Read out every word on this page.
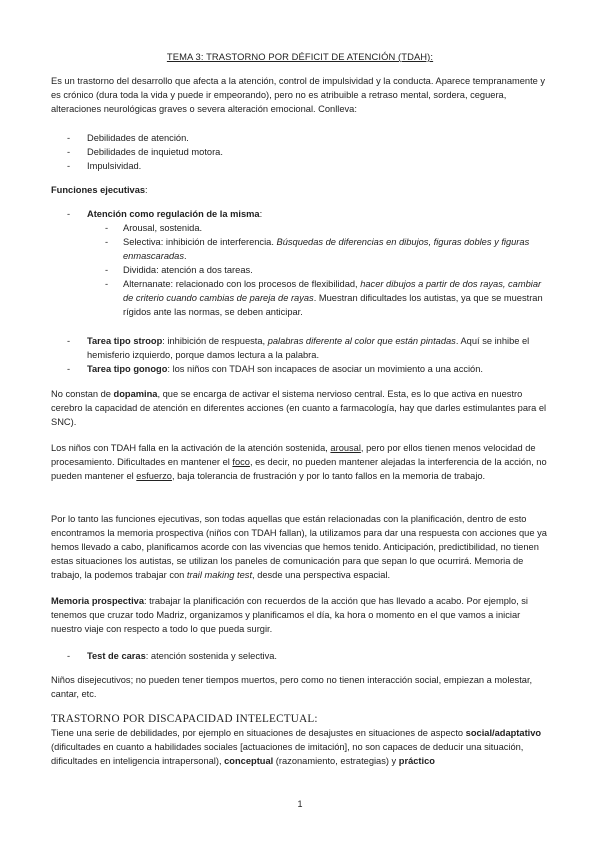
TEMA 3: TRASTORNO POR DÉFICIT DE ATENCIÓN (TDAH):

Es un trastorno del desarrollo que afecta a la atención, control de impulsividad y la conducta. Aparece tempranamente y es crónico (dura toda la vida y puede ir empeorando), pero no es atribuible a retraso mental, sordera, ceguera, alteraciones neurológicas graves o severa alteración emocional. Conlleva:

- Debilidades de atención.
- Debilidades de inquietud motora.
- Impulsividad.

Funciones ejecutivas:

- Atención como regulación de la misma:
- Arousal, sostenida.
- Selectiva: inhibición de interferencia. Búsquedas de diferencias en dibujos, figuras dobles y figuras enmascaradas.
- Dividida: atención a dos tareas.
- Alternanate: relacionado con los procesos de flexibilidad, hacer dibujos a partir de dos rayas, cambiar de criterio cuando cambias de pareja de rayas. Muestran dificultades los autistas, ya que se muestran rígidos ante las normas, se deben anticipar.
- Tarea tipo stroop: inhibición de respuesta, palabras diferente al color que están pintadas. Aquí se inhibe el hemisferio izquierdo, porque damos lectura a la palabra.
- Tarea tipo gonogo: los niños con TDAH son incapaces de asociar un movimiento a una acción.

No constan de dopamina, que se encarga de activar el sistema nervioso central. Esta, es lo que activa en nuestro cerebro la capacidad de atención en diferentes acciones (en cuanto a farmacología, hay que darles estimulantes para el SNC).

Los niños con TDAH falla en la activación de la atención sostenida, arousal, pero por ellos tienen menos velocidad de procesamiento. Dificultades en mantener el foco, es decir, no pueden mantener alejadas la interferencia de la acción, no pueden mantener el esfuerzo, baja tolerancia de frustración y por lo tanto fallos en la memoria de trabajo.

Por lo tanto las funciones ejecutivas, son todas aquellas que están relacionadas con la planificación, dentro de esto encontramos la memoria prospectiva (niños con TDAH fallan), la utilizamos para dar una respuesta con acciones que ya hemos llevado a cabo, planificamos acorde con las vivencias que hemos tenido. Anticipación, predictibilidad, no tienen estas situaciones los autistas, se utilizan los paneles de comunicación para que sepan lo que ocurrirá. Memoria de trabajo, la podemos trabajar con trail making test, desde una perspectiva espacial.

Memoria prospectiva: trabajar la planificación con recuerdos de la acción que has llevado a acabo. Por ejemplo, si tenemos que cruzar todo Madriz, organizamos y planificamos el día, ka hora o momento en el que vamos a iniciar nuestro viaje con respecto a todo lo que pueda surgir.

- Test de caras: atención sostenida y selectiva.

Niños disejecutivos; no pueden tener tiempos muertos, pero como no tienen interacción social, empiezan a molestar, cantar, etc.

TRASTORNO POR DISCAPACIDAD INTELECTUAL:

Tiene una serie de debilidades, por ejemplo en situaciones de desajustes en situaciones de aspecto social/adaptativo (dificultades en cuanto a habilidades sociales [actuaciones de imitación], no son capaces de deducir una situación, dificultades en inteligencia intrapersonal), conceptual (razonamiento, estrategias) y práctico

1
